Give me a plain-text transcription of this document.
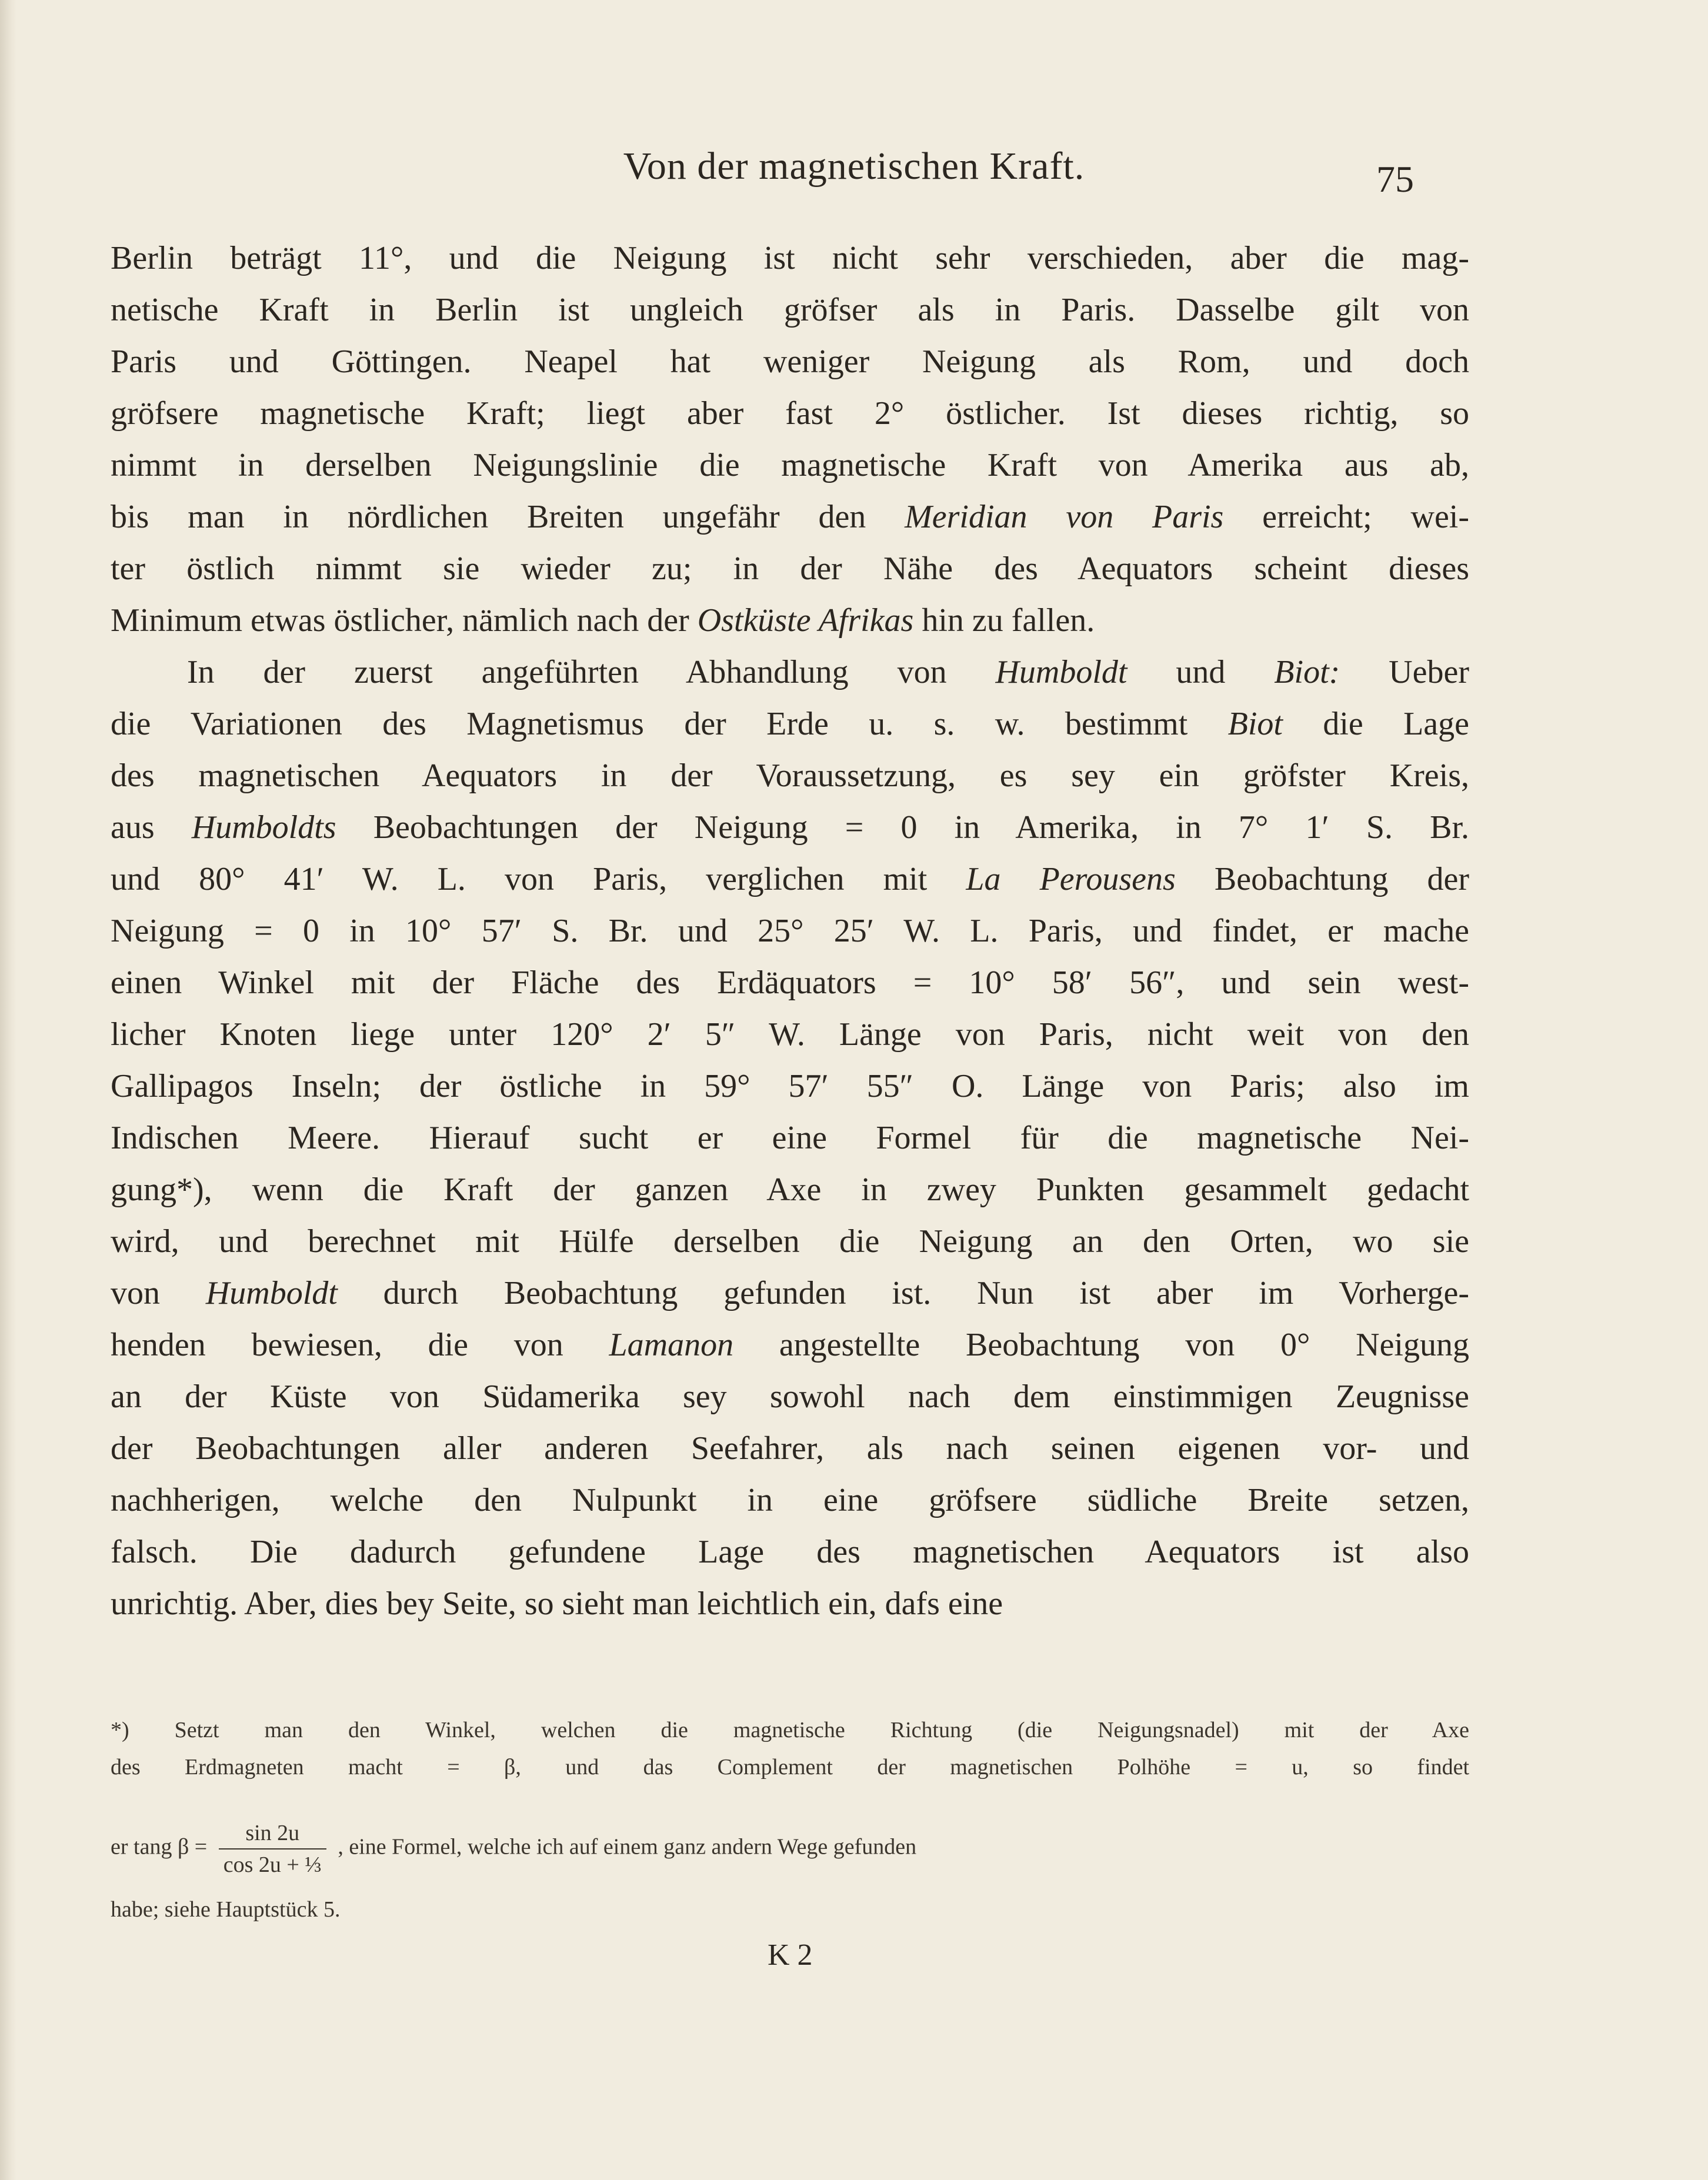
Von der magnetischen Kraft.	75
Berlin beträgt 11°, und die Neigung ist nicht sehr verschieden, aber die mag-
netische Kraft in Berlin ist ungleich gröfser als in Paris. Dasselbe gilt von
Paris und Göttingen. Neapel hat weniger Neigung als Rom, und doch
gröfsere magnetische Kraft; liegt aber fast 2° östlicher. Ist dieses richtig, so
nimmt in derselben Neigungslinie die magnetische Kraft von Amerika aus ab,
bis man in nördlichen Breiten ungefähr den Meridian von Paris erreicht; wei-
ter östlich nimmt sie wieder zu; in der Nähe des Aequators scheint dieses
Minimum etwas östlicher, nämlich nach der Ostküste Afrikas hin zu fallen.
In der zuerst angeführten Abhandlung von Humboldt und Biot: Ueber
die Variationen des Magnetismus der Erde u. s. w. bestimmt Biot die Lage
des magnetischen Aequators in der Voraussetzung, es sey ein gröfster Kreis,
aus Humboldts Beobachtungen der Neigung = 0 in Amerika, in 7° 1′ S. Br.
und 80° 41′ W. L. von Paris, verglichen mit La Perousens Beobachtung der
Neigung = 0 in 10° 57′ S. Br. und 25° 25′ W. L. Paris, und findet, er mache
einen Winkel mit der Fläche des Erdäquators = 10° 58′ 56″, und sein west-
licher Knoten liege unter 120° 2′ 5″ W. Länge von Paris, nicht weit von den
Gallipagos Inseln; der östliche in 59° 57′ 55″ O. Länge von Paris; also im
Indischen Meere. Hierauf sucht er eine Formel für die magnetische Nei-
gung*), wenn die Kraft der ganzen Axe in zwey Punkten gesammelt gedacht
wird, und berechnet mit Hülfe derselben die Neigung an den Orten, wo sie
von Humboldt durch Beobachtung gefunden ist. Nun ist aber im Vorherge-
henden bewiesen, die von Lamanon angestellte Beobachtung von 0° Neigung
an der Küste von Südamerika sey sowohl nach dem einstimmigen Zeugnisse
der Beobachtungen aller anderen Seefahrer, als nach seinen eigenen vor- und
nachherigen, welche den Nulpunkt in eine gröfsere südliche Breite setzen,
falsch. Die dadurch gefundene Lage des magnetischen Aequators ist also
unrichtig. Aber, dies bey Seite, so sieht man leichtlich ein, dafs eine
*) Setzt man den Winkel, welchen die magnetische Richtung (die Neigungsnadel) mit der Axe
des Erdmagneten macht = β, und das Complement der magnetischen Polhöhe = u, so findet
er tang $\beta = \frac{\sin 2u}{\text{cos 2u + ⅓}}$ , eine Formel, welche ich auf einem ganz andern Wege gefunden
habe; siehe Hauptstück 5.
K 2
